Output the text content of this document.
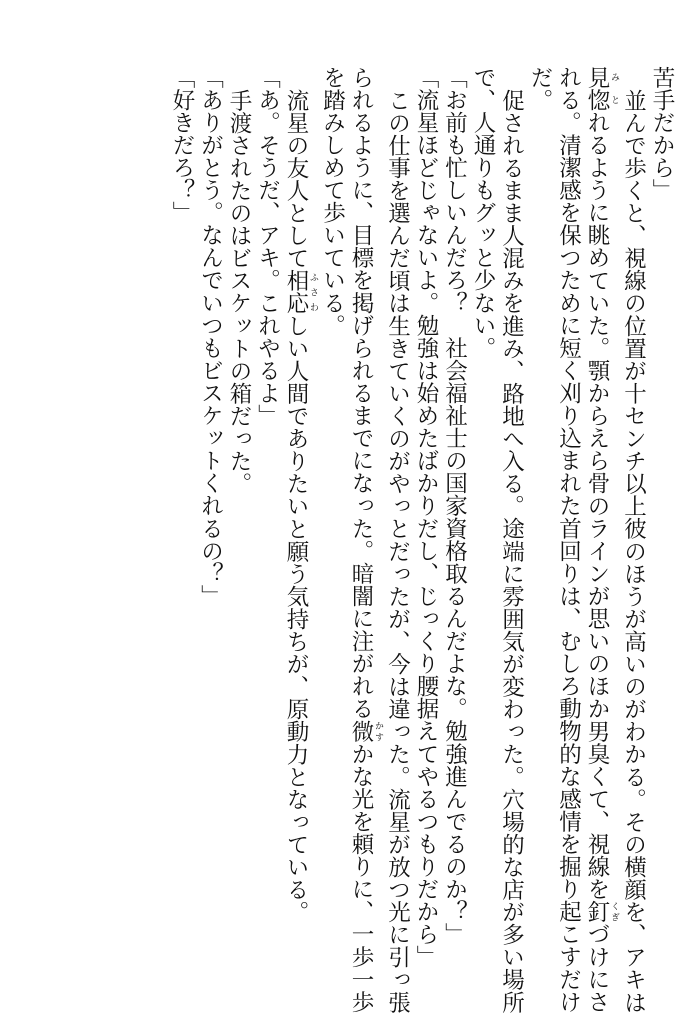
苦手だから」

並んで歩くと、視線の位置が十センチ以上彼のほうが高いのがわかる。その横顔を、アキは

見惚 みとれるように眺めていた。顎からえら骨のラインが思いのほか男臭くて、視線を釘 くぎづけにさ

れる。清潔感を保つために短く刈り込まれた首回りは、むしろ動物的な感情を掘り起こすだけ

だ。

促されるまま人混みを進み、路地へ入る。途端に雰囲気が変わった。穴場的な店が多い場所

で、人通りもグッと少ない。

「お前も忙しいんだろ？　社会福祉士の国家資格取るんだよな。勉強進んでるのか？」

「流星ほどじゃないよ。勉強は始めたばかりだし、じっくり腰据えてやるつもりだから」

この仕事を選んだ頃は生きていくのがやっとだったが、今は違った。流星が放つ光に引っ張

られるように、目標を掲げられるまでになった。暗闇に注がれる微 かすかな光を頼りに、一歩一歩

を踏みしめて歩いている。

流星の友人として相応 ふさわしい人間でありたいと願う気持ちが、原動力となっている。

「あ。そうだ、アキ。これやるよ」

手渡されたのはビスケットの箱だった。

「ありがとう。なんでいつもビスケットくれるの？」

「好きだろ？」
